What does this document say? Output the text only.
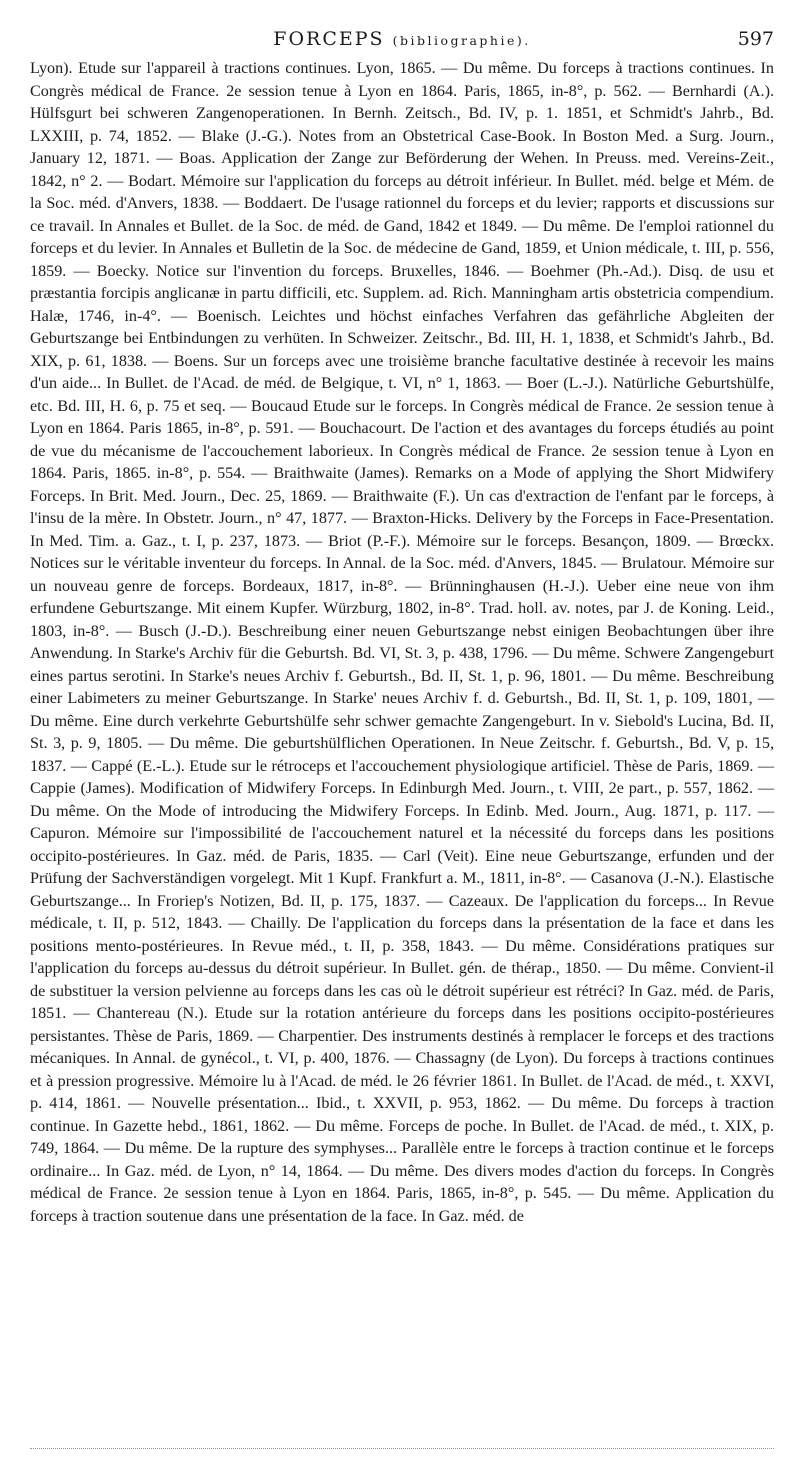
FORCEPS (bibliographie).	597

Lyon). Etude sur l'appareil à tractions continues. Lyon, 1865. — Du même. Du forceps à tractions continues. In Congrès médical de France. 2e session tenue à Lyon en 1864. Paris, 1865, in-8°, p. 562. — Bernhardi (A.). Hülfsgurt bei schweren Zangenoperationen. In Bernh. Zeitsch., Bd. IV, p. 1. 1851, et Schmidt's Jahrb., Bd. LXXIII, p. 74, 1852. — Blake (J.-G.). Notes from an Obstetrical Case-Book. In Boston Med. a Surg. Journ., January 12, 1871. — Boas. Application der Zange zur Beförderung der Wehen. In Preuss. med. Vereins-Zeit., 1842, n° 2. — Bodart. Mémoire sur l'application du forceps au détroit inférieur. In Bullet. méd. belge et Mém. de la Soc. méd. d'Anvers, 1838. — Boddaert. De l'usage rationnel du forceps et du levier; rapports et discussions sur ce travail. In Annales et Bullet. de la Soc. de méd. de Gand, 1842 et 1849. — Du même. De l'emploi rationnel du forceps et du levier. In Annales et Bulletin de la Soc. de médecine de Gand, 1859, et Union médicale, t. III, p. 556, 1859. — Boecky. Notice sur l'invention du forceps. Bruxelles, 1846. — Boehmer (Ph.-Ad.). Disq. de usu et præstantia forcipis anglicanæ in partu difficili, etc. Supplem. ad. Rich. Manningham artis obstetricia compendium. Halæ, 1746, in-4°. — Boenisch. Leichtes und höchst einfaches Verfahren das gefährliche Abgleiten der Geburtszange bei Entbindungen zu verhüten. In Schweizer. Zeitschr., Bd. III, H. 1, 1838, et Schmidt's Jahrb., Bd. XIX, p. 61, 1838. — Boens. Sur un forceps avec une troisième branche facultative destinée à recevoir les mains d'un aide... In Bullet. de l'Acad. de méd. de Belgique, t. VI, n° 1, 1863. — Boer (L.-J.). Natürliche Geburtshülfe, etc. Bd. III, H. 6, p. 75 et seq. — Boucaud Etude sur le forceps. In Congrès médical de France. 2e session tenue à Lyon en 1864. Paris 1865, in-8°, p. 591. — Bouchacourt. De l'action et des avantages du forceps étudiés au point de vue du mécanisme de l'accouchement laborieux. In Congrès médical de France. 2e session tenue à Lyon en 1864. Paris, 1865. in-8°, p. 554. — Braithwaite (James). Remarks on a Mode of applying the Short Midwifery Forceps. In Brit. Med. Journ., Dec. 25, 1869. — Braithwaite (F.). Un cas d'extraction de l'enfant par le forceps, à l'insu de la mère. In Obstetr. Journ., n° 47, 1877. — Braxton-Hicks. Delivery by the Forceps in Face-Presentation. In Med. Tim. a. Gaz., t. I, p. 237, 1873. — Briot (P.-F.). Mémoire sur le forceps. Besançon, 1809. — Brœckx. Notices sur le véritable inventeur du forceps. In Annal. de la Soc. méd. d'Anvers, 1845. — Brulatour. Mémoire sur un nouveau genre de forceps. Bordeaux, 1817, in-8°. — Brünninghausen (H.-J.). Ueber eine neue von ihm erfundene Geburtszange. Mit einem Kupfer. Würzburg, 1802, in-8°. Trad. holl. av. notes, par J. de Koning. Leid., 1803, in-8°. — Busch (J.-D.). Beschreibung einer neuen Geburtszange nebst einigen Beobachtungen über ihre Anwendung. In Starke's Archiv für die Geburtsh. Bd. VI, St. 3, p. 438, 1796. — Du même. Schwere Zangengeburt eines partus serotini. In Starke's neues Archiv f. Geburtsh., Bd. II, St. 1, p. 96, 1801. — Du même. Beschreibung einer Labimeters zu meiner Geburtszange. In Starke' neues Archiv f. d. Geburtsh., Bd. II, St. 1, p. 109, 1801, — Du même. Eine durch verkehrte Geburtshülfe sehr schwer gemachte Zangengeburt. In v. Siebold's Lucina, Bd. II, St. 3, p. 9, 1805. — Du même. Die geburtshülflichen Operationen. In Neue Zeitschr. f. Geburtsh., Bd. V, p. 15, 1837. — Cappé (E.-L.). Etude sur le rétroceps et l'accouchement physiologique artificiel. Thèse de Paris, 1869. — Cappie (James). Modification of Midwifery Forceps. In Edinburgh Med. Journ., t. VIII, 2e part., p. 557, 1862. — Du même. On the Mode of introducing the Midwifery Forceps. In Edinb. Med. Journ., Aug. 1871, p. 117. — Capuron. Mémoire sur l'impossibilité de l'accouchement naturel et la nécessité du forceps dans les positions occipito-postérieures. In Gaz. méd. de Paris, 1835. — Carl (Veit). Eine neue Geburtszange, erfunden und der Prüfung der Sachverständigen vorgelegt. Mit 1 Kupf. Frankfurt a. M., 1811, in-8°. — Casanova (J.-N.). Elastische Geburtszange... In Froriep's Notizen, Bd. II, p. 175, 1837. — Cazeaux. De l'application du forceps... In Revue médicale, t. II, p. 512, 1843. — Chailly. De l'application du forceps dans la présentation de la face et dans les positions mento-postérieures. In Revue méd., t. II, p. 358, 1843. — Du même. Considérations pratiques sur l'application du forceps au-dessus du détroit supérieur. In Bullet. gén. de thérap., 1850. — Du même. Convient-il de substituer la version pelvienne au forceps dans les cas où le détroit supérieur est rétréci? In Gaz. méd. de Paris, 1851. — Chantereau (N.). Etude sur la rotation antérieure du forceps dans les positions occipito-postérieures persistantes. Thèse de Paris, 1869. — Charpentier. Des instruments destinés à remplacer le forceps et des tractions mécaniques. In Annal. de gynécol., t. VI, p. 400, 1876. — Chassagny (de Lyon). Du forceps à tractions continues et à pression progressive. Mémoire lu à l'Acad. de méd. le 26 février 1861. In Bullet. de l'Acad. de méd., t. XXVI, p. 414, 1861. — Nouvelle présentation... Ibid., t. XXVII, p. 953, 1862. — Du même. Du forceps à traction continue. In Gazette hebd., 1861, 1862. — Du même. Forceps de poche. In Bullet. de l'Acad. de méd., t. XIX, p. 749, 1864. — Du même. De la rupture des symphyses... Parallèle entre le forceps à traction continue et le forceps ordinaire... In Gaz. méd. de Lyon, n° 14, 1864. — Du même. Des divers modes d'action du forceps. In Congrès médical de France. 2e session tenue à Lyon en 1864. Paris, 1865, in-8°, p. 545. — Du même. Application du forceps à traction soutenue dans une présentation de la face. In Gaz. méd. de
